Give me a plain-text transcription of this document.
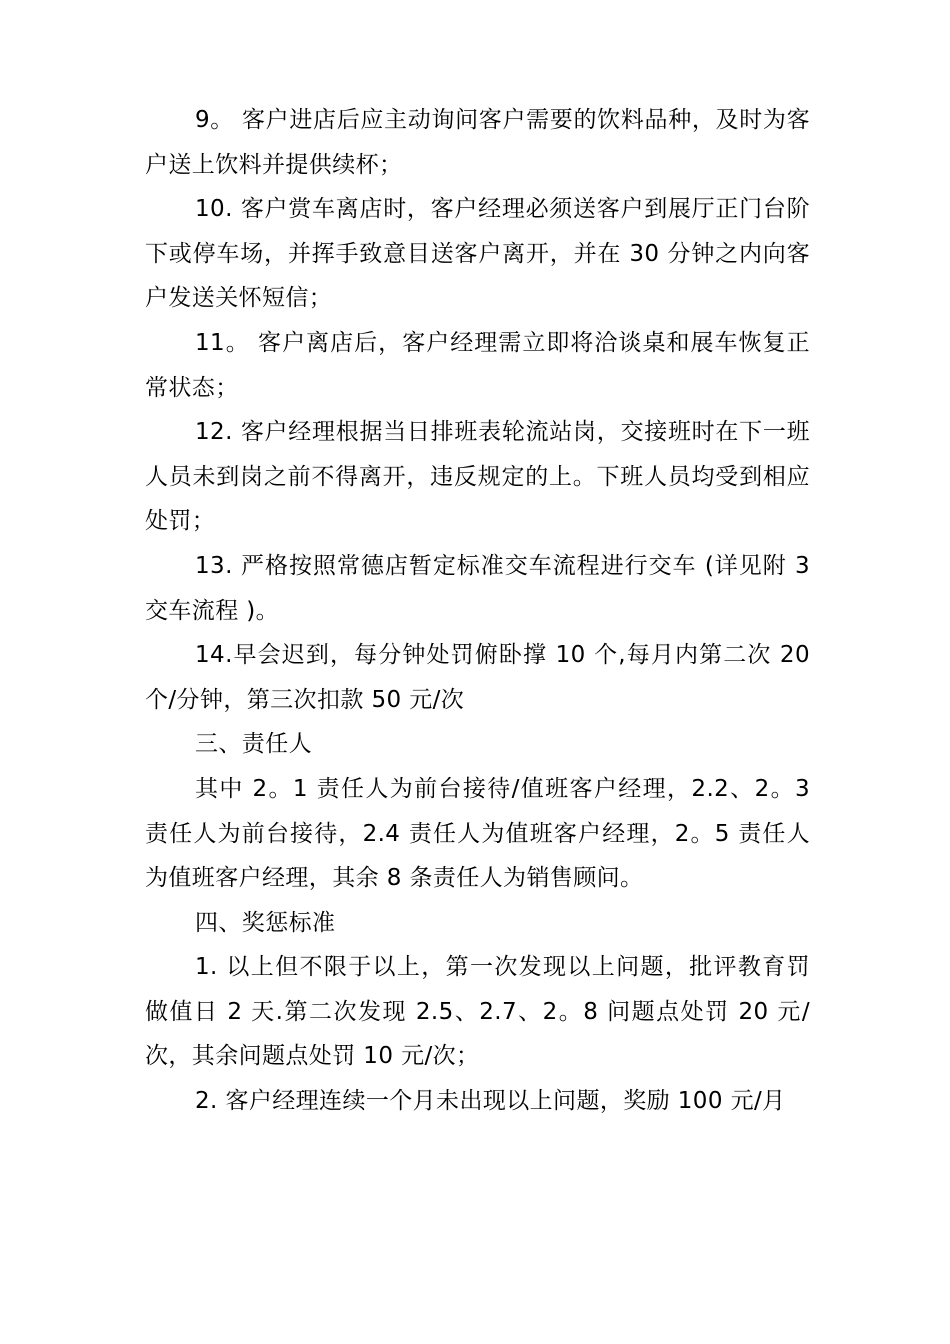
9。 客户进店后应主动询问客户需要的饮料品种，及时为客户送上饮料并提供续杯；

10. 客户赏车离店时，客户经理必须送客户到展厅正门台阶下或停车场，并挥手致意目送客户离开，并在 30 分钟之内向客户发送关怀短信；

11。 客户离店后，客户经理需立即将洽谈桌和展车恢复正常状态；

12. 客户经理根据当日排班表轮流站岗，交接班时在下一班人员未到岗之前不得离开，违反规定的上。下班人员均受到相应处罚；

13. 严格按照常德店暂定标准交车流程进行交车 (详见附 3 交车流程 )。

14.早会迟到，每分钟处罚俯卧撑 10 个,每月内第二次 20 个/分钟，第三次扣款 50 元/次

三、责任人

其中 2。1 责任人为前台接待/值班客户经理，2.2、2。3 责任人为前台接待，2.4 责任人为值班客户经理，2。5 责任人为值班客户经理，其余 8 条责任人为销售顾问。

四、奖惩标准

1. 以上但不限于以上，第一次发现以上问题，批评教育罚做值日 2 天.第二次发现 2.5、2.7、2。8 问题点处罚 20 元/次，其余问题点处罚 10 元/次；

2. 客户经理连续一个月未出现以上问题，奖励 100 元/月
